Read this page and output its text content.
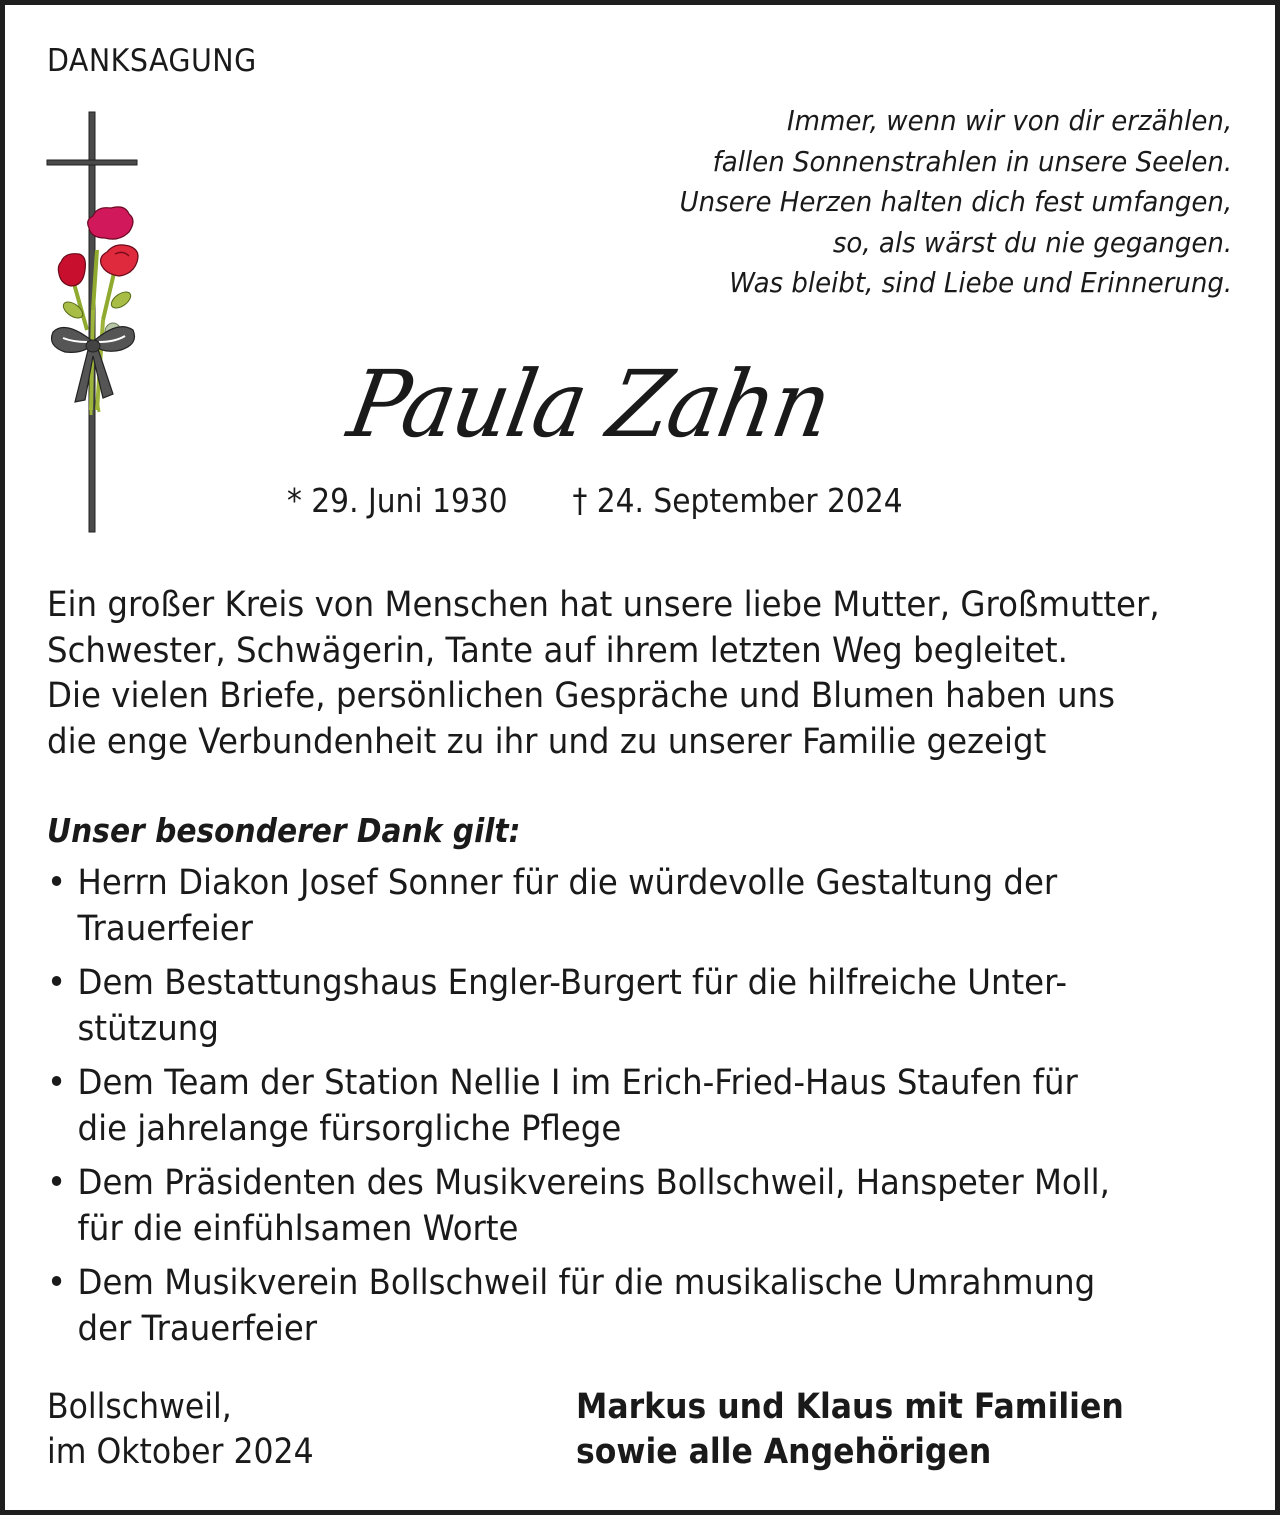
DANKSAGUNG
Immer, wenn wir von dir erzählen,
fallen Sonnenstrahlen in unsere Seelen.
Unsere Herzen halten dich fest umfangen,
so, als wärst du nie gegangen.
Was bleibt, sind Liebe und Erinnerung.
Paula Zahn
* 29. Juni 1930 † 24. September 2024
Ein großer Kreis von Menschen hat unsere liebe Mutter, Großmutter,
Schwester, Schwägerin, Tante auf ihrem letzten Weg begleitet.
Die vielen Briefe, persönlichen Gespräche und Blumen haben uns
die enge Verbundenheit zu ihr und zu unserer Familie gezeigt
Unser besonderer Dank gilt:
• Herrn Diakon Josef Sonner für die würdevolle Gestaltung der
Trauerfeier
• Dem Bestattungshaus Engler-Burgert für die hilfreiche Unter-
stützung
• Dem Team der Station Nellie I im Erich-Fried-Haus Staufen für
die jahrelange fürsorgliche Pflege
• Dem Präsidenten des Musikvereins Bollschweil, Hanspeter Moll,
für die einfühlsamen Worte
• Dem Musikverein Bollschweil für die musikalische Umrahmung
der Trauerfeier
Bollschweil,
im Oktober 2024
Markus und Klaus mit Familien
sowie alle Angehörigen
